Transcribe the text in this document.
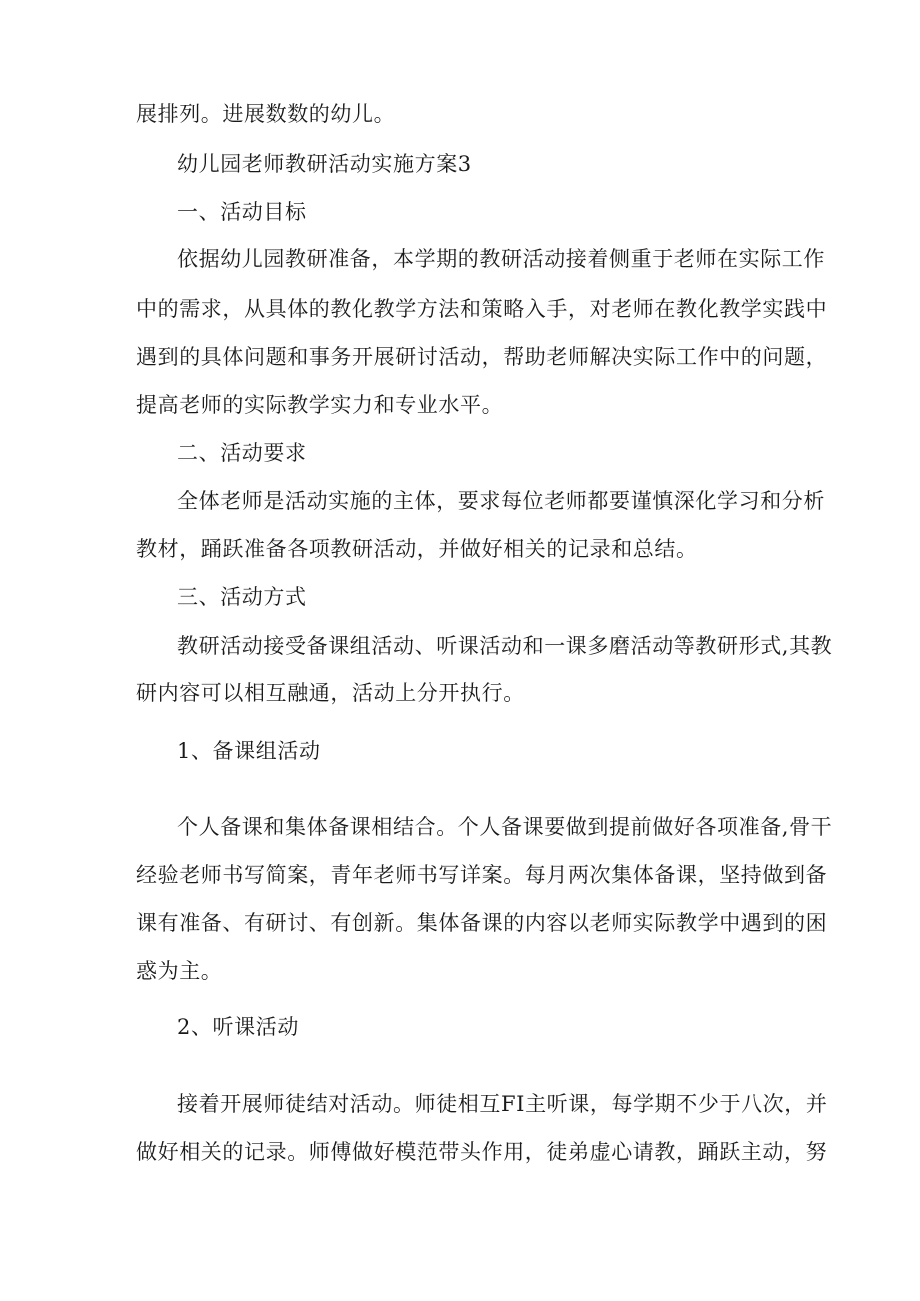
展排列。进展数数的幼儿。
幼儿园老师教研活动实施方案3
一、活动目标
依据幼儿园教研准备，本学期的教研活动接着侧重于老师在实际工作
中的需求，从具体的教化教学方法和策略入手，对老师在教化教学实践中
遇到的具体问题和事务开展研讨活动，帮助老师解决实际工作中的问题，
提高老师的实际教学实力和专业水平。
二、活动要求
全体老师是活动实施的主体，要求每位老师都要谨慎深化学习和分析
教材，踊跃准备各项教研活动，并做好相关的记录和总结。
三、活动方式
教研活动接受备课组活动、听课活动和一课多磨活动等教研形式,其教
研内容可以相互融通，活动上分开执行。
1、备课组活动
个人备课和集体备课相结合。个人备课要做到提前做好各项准备,骨干
经验老师书写简案，青年老师书写详案。每月两次集体备课，坚持做到备
课有准备、有研讨、有创新。集体备课的内容以老师实际教学中遇到的困
惑为主。
2、听课活动
接着开展师徒结对活动。师徒相互FI主听课，每学期不少于八次，并
做好相关的记录。师傅做好模范带头作用，徒弟虚心请教，踊跃主动，努
